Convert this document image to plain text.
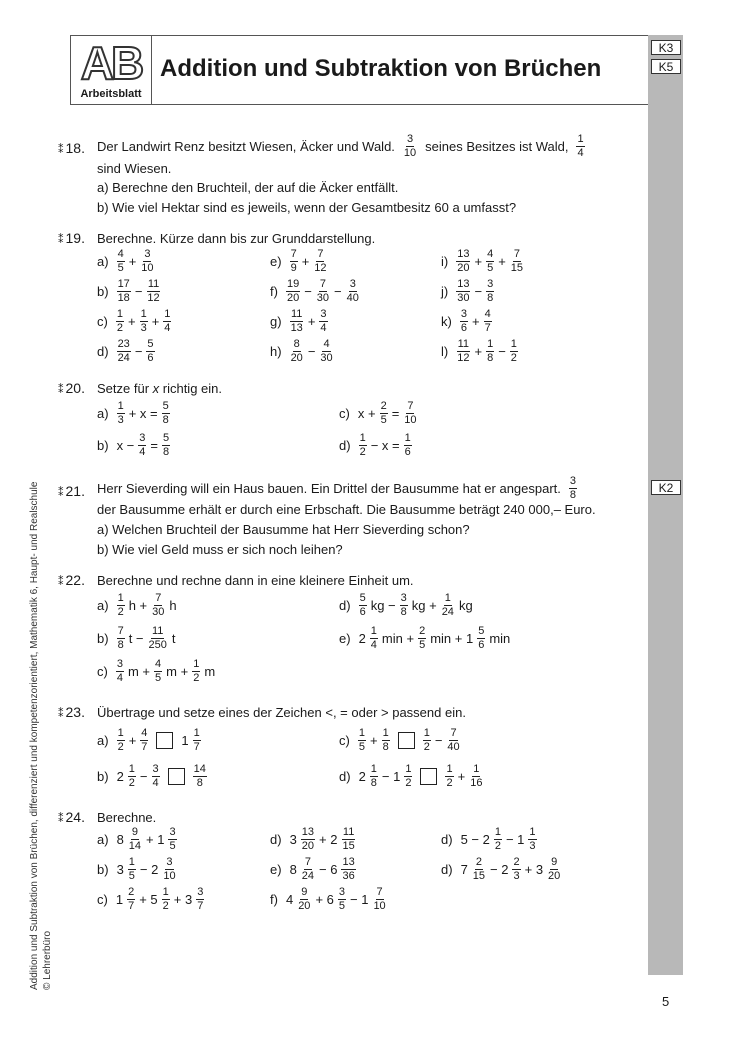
AB
Arbeitsblatt
Addition und Subtraktion von Brüchen
K3
K5
K2
Addition und Subtraktion von Brüchen, differenziert und kompetenzorientiert, Mathematik 6, Haupt- und Realschule
© Lehrerbüro
⁑ 18. Der Landwirt Renz besitzt Wiesen, Äcker und Wald. $\frac{3}{10}$ seines Besitzes ist Wald, $\frac{1}{4}$
sind Wiesen.
a) Berechne den Bruchteil, der auf die Äcker entfällt.
b) Wie viel Hektar sind es jeweils, wenn der Gesamtbesitz 60 a umfasst?
⁑ 19. Berechne. Kürze dann bis zur Grunddarstellung.
$a) \frac{4}{5} + \frac{3}{10}$
$b) \frac{17}{18} - \frac{11}{12}$
$c) \frac{1}{2} + \frac{1}{3} + \frac{1}{4}$
$d) \frac{23}{24} - \frac{5}{6}$
$e) \frac{7}{9} + \frac{7}{12}$
$f) \frac{19}{20} - \frac{7}{30} - \frac{3}{40}$
$g) \frac{11}{13} + \frac{3}{4}$
$h) \frac{8}{20} - \frac{4}{30}$
$i) \frac{13}{20} + \frac{4}{5} + \frac{7}{15}$
$j) \frac{13}{30} - \frac{3}{8}$
$k) \frac{3}{6} + \frac{4}{7}$
$l) \frac{11}{12} + \frac{1}{8} - \frac{1}{2}$
⁑ 20. Setze für x richtig ein.
$a) \frac{1}{3} + x = \frac{5}{8}$
b) $x - \frac{3}{4} = \frac{5}{8}$
c) $x + \frac{2}{5} = \frac{7}{10}$
$d) \frac{1}{2} - x = \frac{1}{6}$
⁑ 21. Herr Sieverding will ein Haus bauen. Ein Drittel der Bausumme hat er angespart. $\frac{3}{8}$
der Bausumme erhält er durch eine Erbschaft. Die Bausumme beträgt 240 000,– Euro.
a) Welchen Bruchteil der Bausumme hat Herr Sieverding schon?
b) Wie viel Geld muss er sich noch leihen?
⁑ 22. Berechne und rechne dann in eine kleinere Einheit um.
$a) \frac{1}{2}$ $h + \frac{7}{30}$ h
$b) \frac{7}{8}$ $t - \frac{11}{250}$ t
$c) \frac{3}{4}$ $m + \frac{4}{5}$ $m + \frac{1}{2}$ m
$d) \frac{5}{6}$ kg − $\frac{3}{8}$ kg + $\frac{1}{24}$ kg
e) $2 \frac{1}{4}$ $\min + \frac{2}{5}$ $\min + 1 \frac{5}{6}$ min
⁑ 23. Übertrage und setze eines der Zeichen <, = oder > passend ein.
$a) \frac{1}{2} + \frac{4}{7}$	$1 \frac{1}{7}$
b) $2 \frac{1}{2} - \frac{3}{4}$	$\frac{14}{8}$
$c) \frac{1}{5} + \frac{1}{8}$	$\frac{1}{2} - \frac{7}{40}$
d) $2 \frac{1}{8} - 1 \frac{1}{2}$	$\frac{1}{2} + \frac{1}{16}$
⁑ 24. Berechne.
a) $8 \frac{9}{14} + 1 \frac{3}{5}$
b) $3 \frac{1}{5} - 2 \frac{3}{10}$
c) $1 \frac{2}{7} + 5 \frac{1}{2} + 3 \frac{3}{7}$
d) $3 \frac{13}{20} + 2 \frac{11}{15}$
e) $8 \frac{7}{24} - 6 \frac{13}{36}$
f) $4 \frac{9}{20} + 6 \frac{3}{5} - 1 \frac{7}{10}$
d) $5 - 2 \frac{1}{2} - 1 \frac{1}{3}$
d) $7 \frac{2}{15} - 2 \frac{2}{3} + 3 \frac{9}{20}$
5
